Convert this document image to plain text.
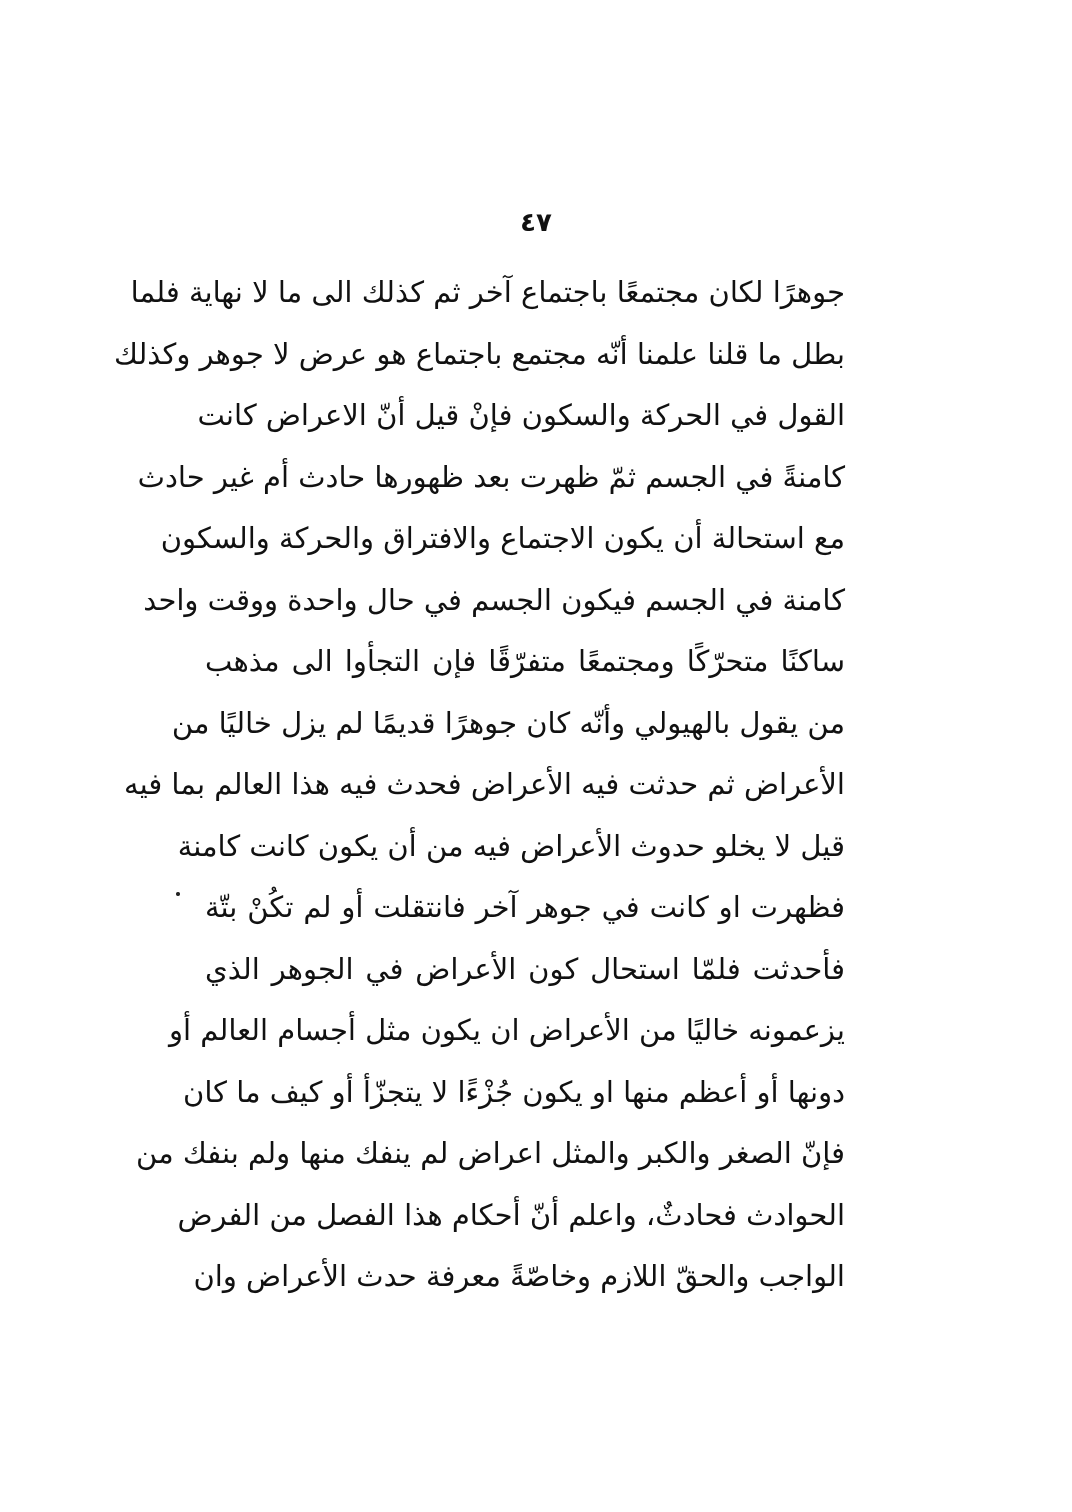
٤٧
جوهرًا لكان مجتمعًا باجتماع آخر ثم كذلك الى ما لا نهاية فلما
بطل ما قلنا علمنا أنّه مجتمع باجتماع هو عرض لا جوهر وكذلك
القول في الحركة والسكون فإنْ قيل أنّ الاعراض كانت
كامنةً في الجسم ثمّ ظهرت بعد ظهورها حادث أم غير حادث
مع استحالة أن يكون الاجتماع والافتراق والحركة والسكون
كامنة في الجسم فيكون الجسم في حال واحدة ووقت واحد
ساكنًا متحرّكًا ومجتمعًا متفرّقًا فإن التجأوا الى مذهب
من يقول بالهيولي وأنّه كان جوهرًا قديمًا لم يزل خاليًا من
الأعراض ثم حدثت فيه الأعراض فحدث فيه هذا العالم بما فيه
قيل لا يخلو حدوث الأعراض فيه من أن يكون كانت كامنة
فظهرت او كانت في جوهر آخر فانتقلت أو لم تكُنْ بتّة
فأحدثت فلمّا استحال كون الأعراض في الجوهر الذي
يزعمونه خاليًا من الأعراض ان يكون مثل أجسام العالم أو
دونها أو أعظم منها او يكون جُزْءًا لا يتجزّأ أو كيف ما كان
فإنّ الصغر والكبر والمثل اعراض لم ينفك منها ولم بنفك من
الحوادث فحادثٌ، واعلم أنّ أحكام هذا الفصل من الفرض
الواجب والحقّ اللازم وخاصّةً معرفة حدث الأعراض وان
